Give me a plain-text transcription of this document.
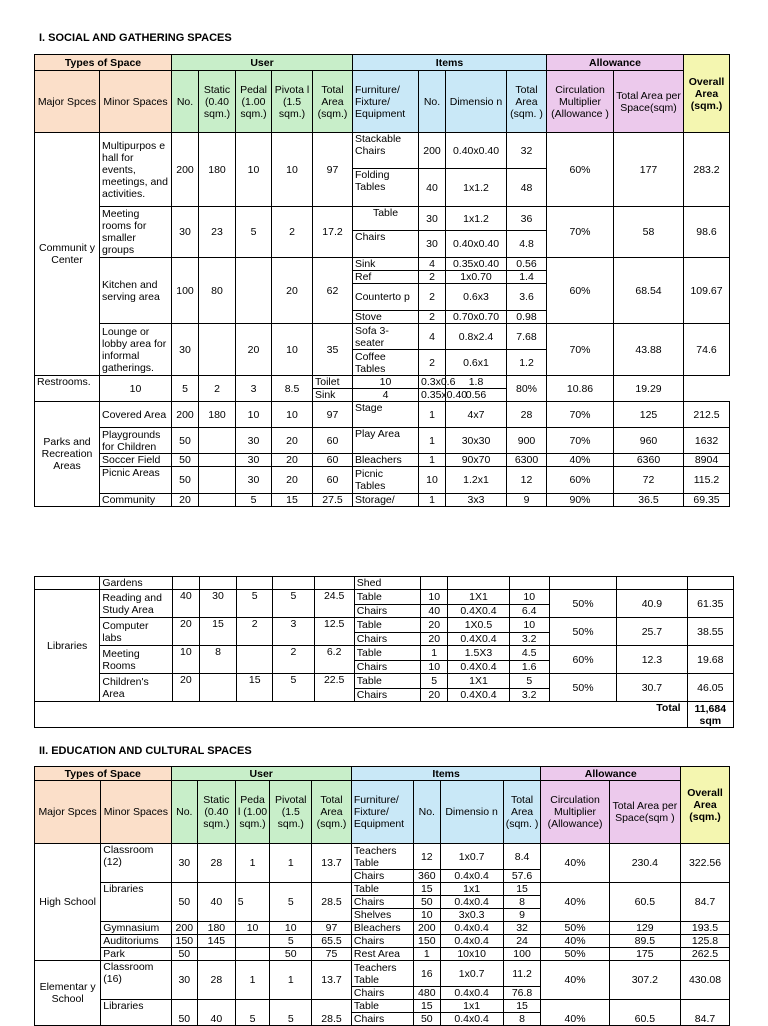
I. SOCIAL AND GATHERING SPACES
Types of Space		User					Items				Allowance		Overall Area (sqm.)
Major Spces	Minor Spaces	No.	Static (0.40 sqm.)	Pedal (1.00 sqm.)	Pivota l (1.5 sqm.)	Total Area (sqm.)	Furniture/ Fixture/ Equipment	No.	Dimensio n	Total Area (sqm. )	Circulation Multiplier (Allowance )	Total Area per Space(sqm)	
Communit y Center	Multipurpos e hall for events, meetings, and activities.	200	180	10	10	97	Stackable Chairs	200	0.40x0.40	32	60%	177	283.2
							Folding Tables	40	1x1.2	48			
	Meeting rooms for smaller groups	30	23	5	2	17.2	Table	30	1x1.2	36	70%	58	98.6
							Chairs	30	0.40x0.40	4.8			
	Kitchen and serving area	100	80		20	62	Sink	4	0.35x0.40	0.56	60%	68.54	109.67
							Ref	2	1x0.70	1.4			
							Counterto p	2	0.6x3	3.6			
							Stove	2	0.70x0.70	0.98			
	Lounge or lobby area for informal gatherings.	30		20	10	35	Sofa 3-seater	4	0.8x2.4	7.68	70%	43.88	74.6
							Coffee Tables	2	0.6x1	1.2			
Restrooms.	10	5	2	3	8.5	Toilet	10	0.3x0.6	1.8	80%	10.86	19.29	
						Sink	4	0.35x0.40	0.56				
Parks and Recreation Areas	Covered Area	200	180	10	10	97	Stage	1	4x7	28	70%	125	212.5
	Playgrounds for Children	50		30	20	60	Play Area	1	30x30	900	70%	960	1632
	Soccer Field	50		30	20	60	Bleachers	1	90x70	6300	40%	6360	8904
	Picnic Areas	50		30	20	60	Picnic Tables	10	1.2x1	12	60%	72	115.2
	Community	20		5	15	27.5	Storage/	1	3x3	9	90%	36.5	69.35
	Gardens						Shed						
Libraries	Reading and Study Area	40	30	5	5	24.5	Table	10	1X1	10	50%	40.9	61.35
							Chairs	40	0.4X0.4	6.4			
	Computer labs	20	15	2	3	12.5	Table	20	1X0.5	10	50%	25.7	38.55
							Chairs	20	0.4X0.4	3.2			
	Meeting Rooms	10	8		2	6.2	Table	1	1.5X3	4.5	60%	12.3	19.68
							Chairs	10	0.4X0.4	1.6			
	Children's Area	20		15	5	22.5	Table	5	1X1	5	50%	30.7	46.05
							Chairs	20	0.4X0.4	3.2			
Total													11,684 sqm
II. EDUCATION AND CULTURAL SPACES
Types of Space		User					Items				Allowance		Overall Area (sqm.)
Major Spces	Minor Spaces	No.	Static (0.40 sqm.)	Peda l (1.00 sqm.)	Pivotal (1.5 sqm.)	Total Area (sqm.)	Furniture/ Fixture/ Equipment	No.	Dimensio n	Total Area (sqm. )	Circulation Multiplier (Allowance)	Total Area per Space(sqm )	
High School	Classroom (12)	30	28	1	1	13.7	Teachers Table	12	1x0.7	8.4	40%	230.4	322.56
							Chairs	360	0.4x0.4	57.6			
	Libraries	50	40	5	5	28.5	Table	15	1x1	15	40%	60.5	84.7
							Chairs	50	0.4x0.4	8			
							Shelves	10	3x0.3	9			
	Gymnasium	200	180	10	10	97	Bleachers	200	0.4x0.4	32	50%	129	193.5
	Auditoriums	150	145		5	65.5	Chairs	150	0.4x0.4	24	40%	89.5	125.8
	Park	50			50	75	Rest Area	1	10x10	100	50%	175	262.5
Elementar y School	Classroom (16)	30	28	1	1	13.7	Teachers Table	16	1x0.7	11.2	40%	307.2	430.08
							Chairs	480	0.4x0.4	76.8			
	Libraries	50	40	5	5	28.5	Table	15	1x1	15	40%	60.5	84.7
							Chairs	50	0.4x0.4	8			
